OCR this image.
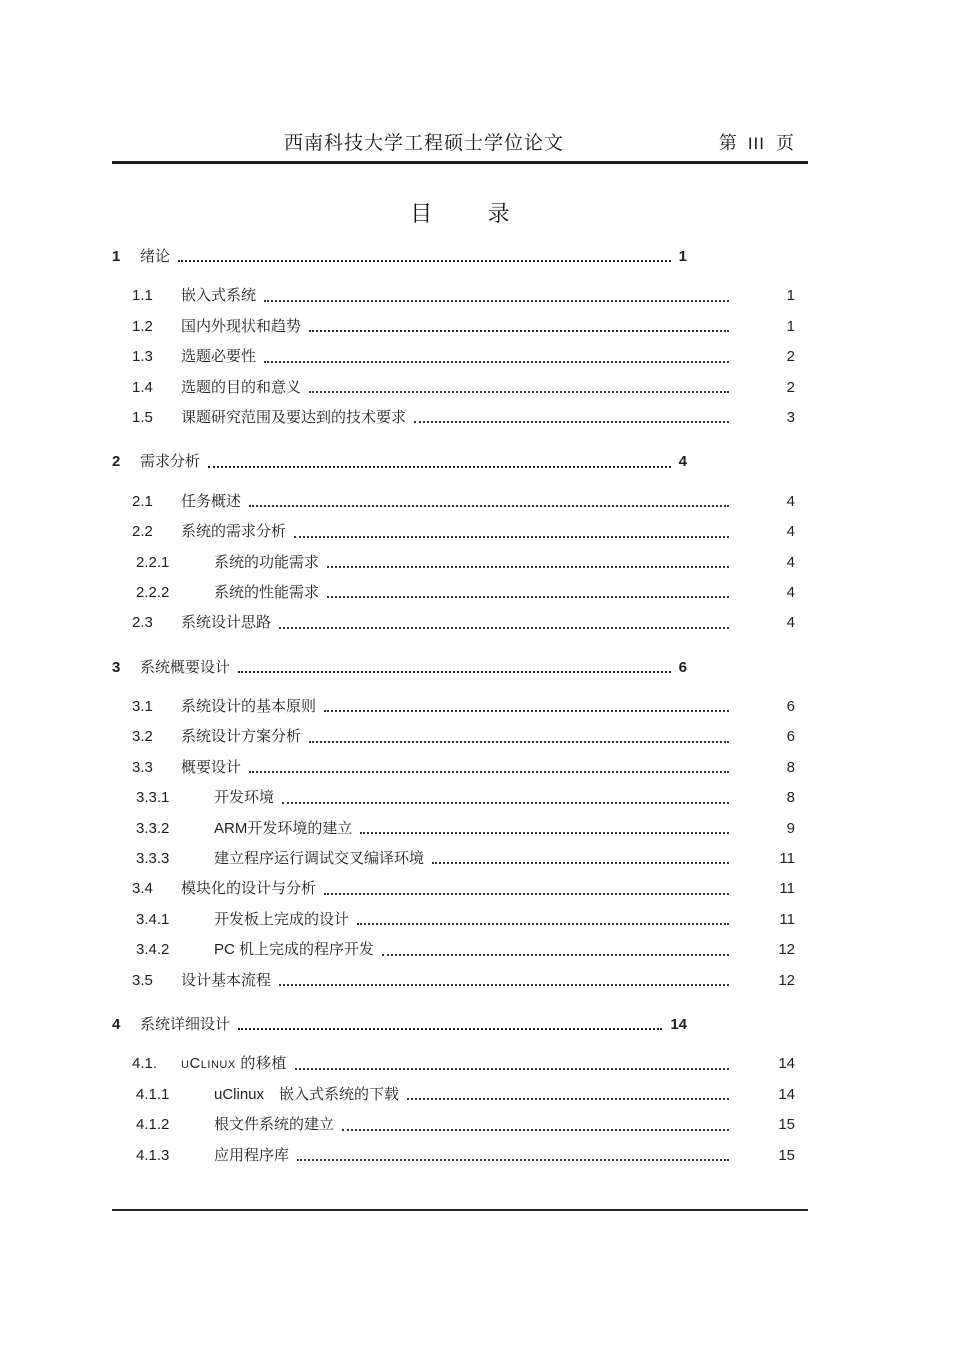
西南科技大学工程硕士学位论文	第 III 页
目 录
1	绪论	1
1.1	嵌入式系统	1
1.2	国内外现状和趋势	1
1.3	选题必要性	2
1.4	选题的目的和意义	2
1.5	课题研究范围及要达到的技术要求	3
2	需求分析	4
2.1	任务概述	4
2.2	系统的需求分析	4
2.2.1	系统的功能需求	4
2.2.2	系统的性能需求	4
2.3	系统设计思路	4
3	系统概要设计	6
3.1	系统设计的基本原则	6
3.2	系统设计方案分析	6
3.3	概要设计	8
3.3.1	开发环境	8
3.3.2	ARM开发环境的建立	9
3.3.3	建立程序运行调试交叉编译环境	11
3.4	模块化的设计与分析	11
3.4.1	开发板上完成的设计	11
3.4.2	PC 机上完成的程序开发	12
3.5	设计基本流程	12
4	系统详细设计	14
4.1.	uClinux 的移植	14
4.1.1	uClinux　嵌入式系统的下载	14
4.1.2	根文件系统的建立	15
4.1.3	应用程序库	15
